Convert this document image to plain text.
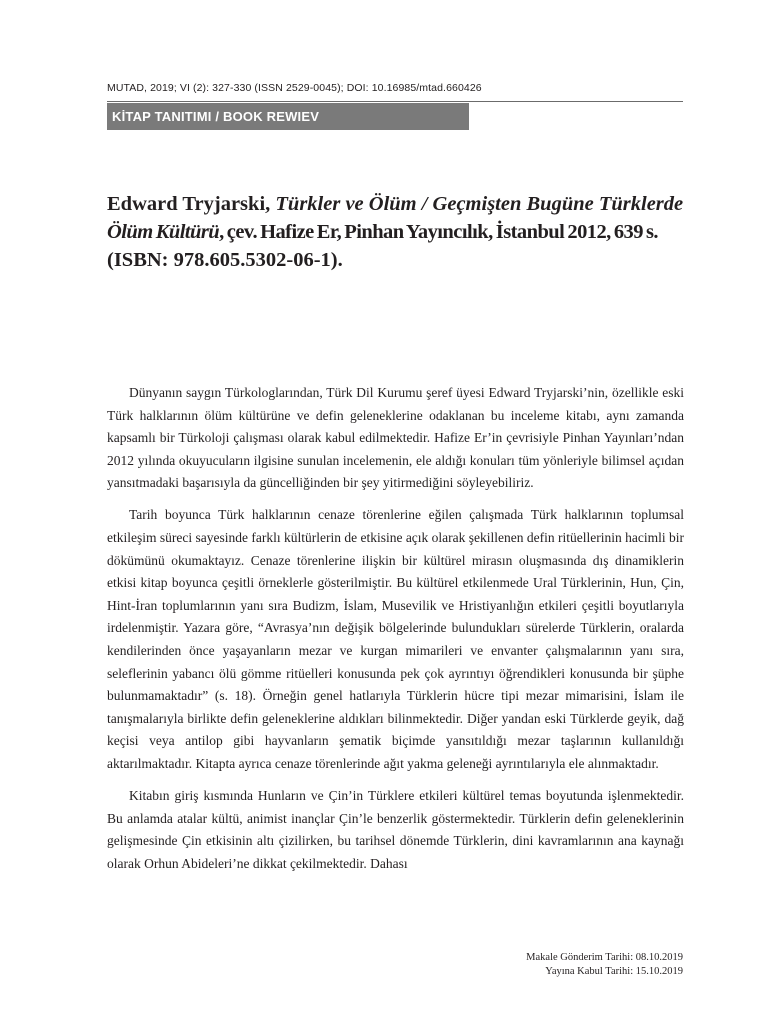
MUTAD, 2019; VI (2): 327-330 (ISSN 2529-0045); DOI: 10.16985/mtad.660426
KİTAP TANITIMI / BOOK REWIEV
Edward Tryjarski, Türkler ve Ölüm / Geçmişten Bugüne Türklerde
Ölüm Kültürü, çev. Hafize Er, Pinhan Yayıncılık, İstanbul 2012, 639 s.
(ISBN: 978.605.5302-06-1).

Dünyanın saygın Türkologlarından, Türk Dil Kurumu şeref üyesi Edward Tryjarski’nin, özellikle eski Türk halklarının ölüm kültürüne ve defin geleneklerine odaklanan bu inceleme kitabı, aynı zamanda kapsamlı bir Türkoloji çalışması olarak kabul edilmektedir. Hafize Er’in çevrisiyle Pinhan Yayınları’ndan 2012 yılında okuyucuların ilgisine sunulan incelemenin, ele aldığı konuları tüm yönleriyle bilimsel açıdan yansıtmadaki başarısıyla da güncelliğinden bir şey yitirmediğini söyleyebiliriz.

Tarih boyunca Türk halklarının cenaze törenlerine eğilen çalışmada Türk halklarının toplumsal etkileşim süreci sayesinde farklı kültürlerin de etkisine açık olarak şekillenen defin ritüellerinin hacimli bir dökümünü okumaktayız. Cenaze törenlerine ilişkin bir kültürel mirasın oluşmasında dış dinamiklerin etkisi kitap boyunca çeşitli örneklerle gösterilmiştir. Bu kültürel etkilenmede Ural Türklerinin, Hun, Çin, Hint-İran toplumlarının yanı sıra Budizm, İslam, Musevilik ve Hristiyanlığın etkileri çeşitli boyutlarıyla irdelenmiştir. Yazara göre, “Avrasya’nın değişik bölgelerinde bulundukları sürelerde Türklerin, oralarda kendilerinden önce yaşayanların mezar ve kurgan mimarileri ve envanter çalışmalarının yanı sıra, seleflerinin yabancı ölü gömme ritüelleri konusunda pek çok ayrıntıyı öğrendikleri konusunda bir şüphe bulunmamaktadır” (s. 18). Örneğin genel hatlarıyla Türklerin hücre tipi mezar mimarisini, İslam ile tanışmalarıyla birlikte defin geleneklerine aldıkları bilinmektedir. Diğer yandan eski Türklerde geyik, dağ keçisi veya antilop gibi hayvanların şematik biçimde yansıtıldığı mezar taşlarının kullanıldığı aktarılmaktadır. Kitapta ayrıca cenaze törenlerinde ağıt yakma geleneği ayrıntılarıyla ele alınmaktadır.

Kitabın giriş kısmında Hunların ve Çin’in Türklere etkileri kültürel temas boyutunda işlenmektedir. Bu anlamda atalar kültü, animist inançlar Çin’le benzerlik göstermektedir. Türklerin defin geleneklerinin gelişmesinde Çin etkisinin altı çizilirken, bu tarihsel dönemde Türklerin, dini kavramlarının ana kaynağı olarak Orhun Abideleri’ne dikkat çekilmektedir. Dahası

Makale Gönderim Tarihi: 08.10.2019
Yayına Kabul Tarihi: 15.10.2019
